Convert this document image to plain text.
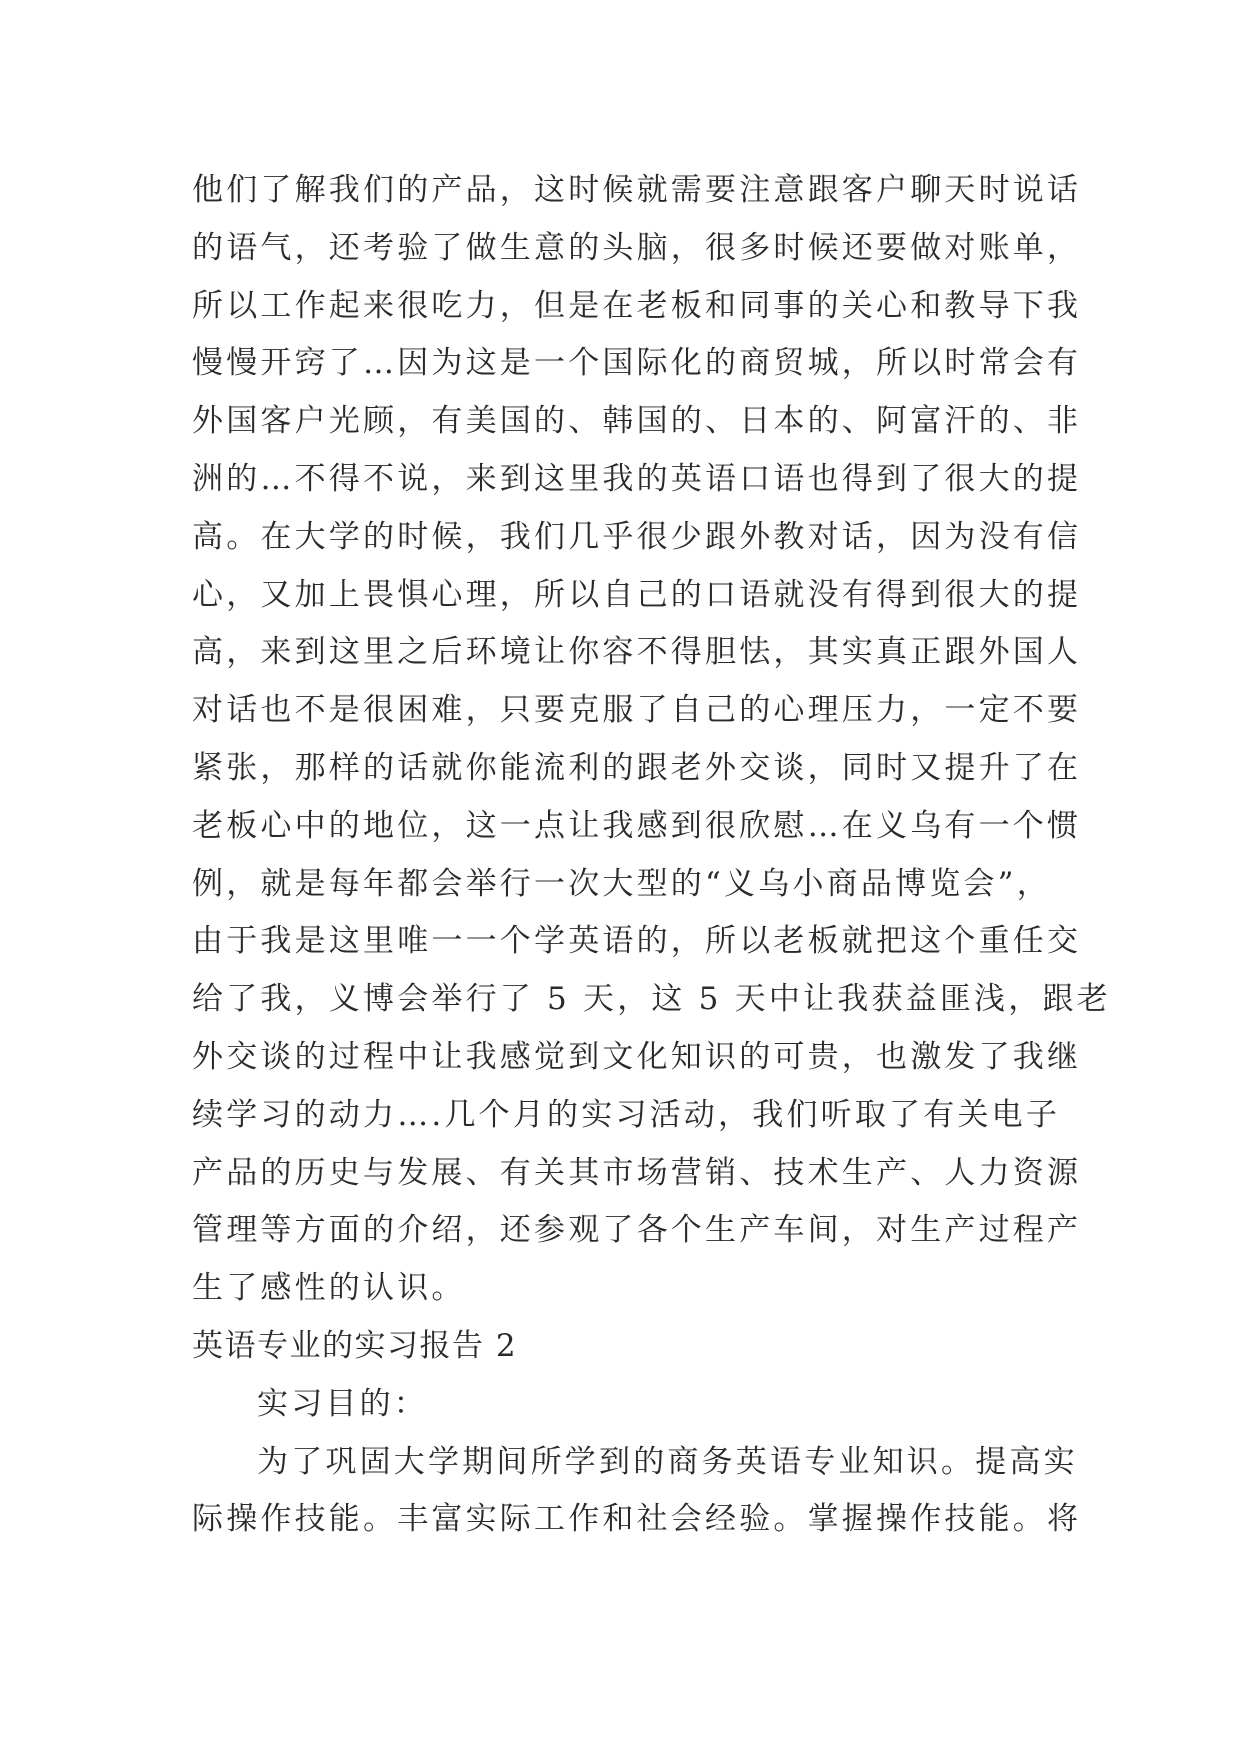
他们了解我们的产品，这时候就需要注意跟客户聊天时说话
的语气，还考验了做生意的头脑，很多时候还要做对账单，
所以工作起来很吃力，但是在老板和同事的关心和教导下我
慢慢开窍了…因为这是一个国际化的商贸城，所以时常会有
外国客户光顾，有美国的、韩国的、日本的、阿富汗的、非
洲的…不得不说，来到这里我的英语口语也得到了很大的提
高。在大学的时候，我们几乎很少跟外教对话，因为没有信
心，又加上畏惧心理，所以自己的口语就没有得到很大的提
高，来到这里之后环境让你容不得胆怯，其实真正跟外国人
对话也不是很困难，只要克服了自己的心理压力，一定不要
紧张，那样的话就你能流利的跟老外交谈，同时又提升了在
老板心中的地位，这一点让我感到很欣慰…在义乌有一个惯
例，就是每年都会举行一次大型的“义乌小商品博览会”，
由于我是这里唯一一个学英语的，所以老板就把这个重任交
给了我，义博会举行了 5 天，这 5 天中让我获益匪浅，跟老
外交谈的过程中让我感觉到文化知识的可贵，也激发了我继
续学习的动力….几个月的实习活动，我们听取了有关电子
产品的历史与发展、有关其市场营销、技术生产、人力资源
管理等方面的介绍，还参观了各个生产车间，对生产过程产
生了感性的认识。
英语专业的实习报告 2
实习目的：
为了巩固大学期间所学到的商务英语专业知识。提高实
际操作技能。丰富实际工作和社会经验。掌握操作技能。将
